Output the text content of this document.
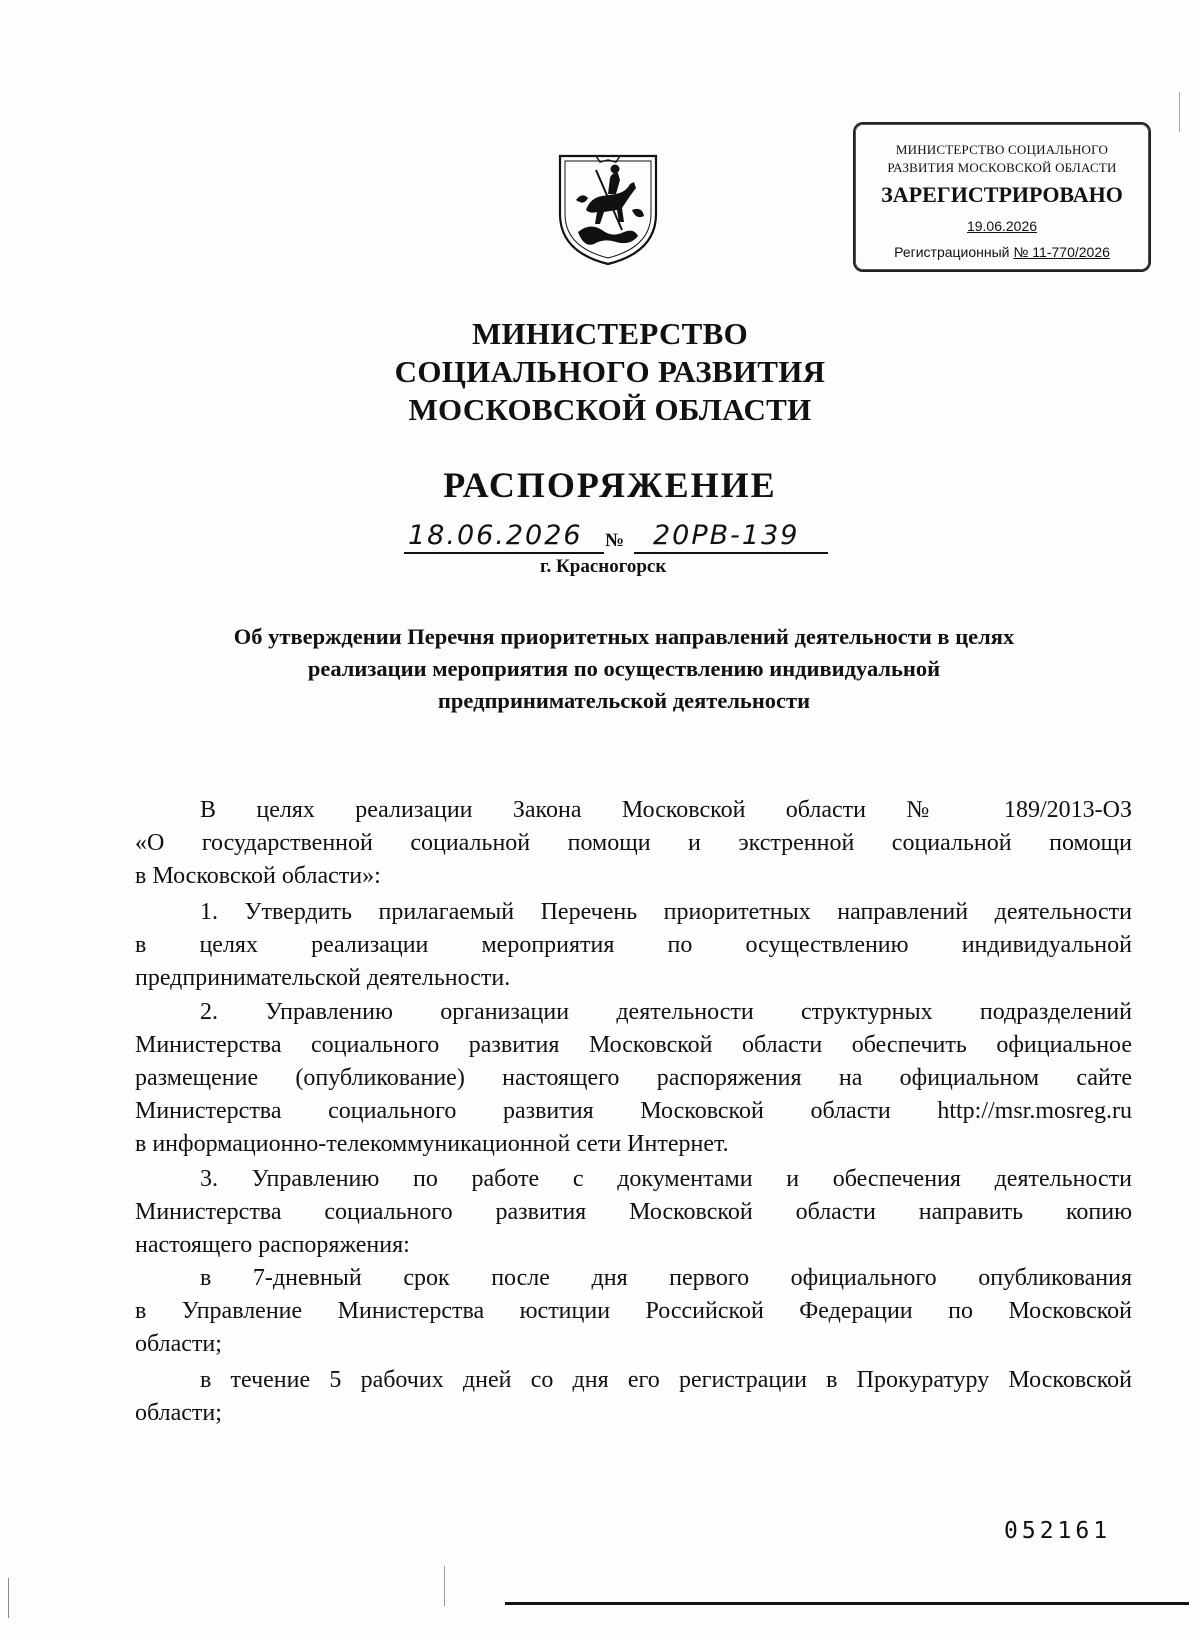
МИНИСТЕРСТВО СОЦИАЛЬНОГО
РАЗВИТИЯ МОСКОВСКОЙ ОБЛАСТИ
ЗАРЕГИСТРИРОВАНО
19.06.2026
Регистрационный № 11-770/2026
МИНИСТЕРСТВО
СОЦИАЛЬНОГО РАЗВИТИЯ
МОСКОВСКОЙ ОБЛАСТИ
РАСПОРЯЖЕНИЕ
18.06.2026 № 20РВ-139
г. Красногорск
Об утверждении Перечня приоритетных направлений деятельности в целях
реализации мероприятия по осуществлению индивидуальной
предпринимательской деятельности
В целях реализации Закона Московской области № 189/2013-ОЗ
«О государственной социальной помощи и экстренной социальной помощи
в Московской области»:
1. Утвердить прилагаемый Перечень приоритетных направлений деятельности
в целях реализации мероприятия по осуществлению индивидуальной
предпринимательской деятельности.
2. Управлению организации деятельности структурных подразделений
Министерства социального развития Московской области обеспечить официальное
размещение (опубликование) настоящего распоряжения на официальном сайте
Министерства социального развития Московской области http://msr.mosreg.ru
в информационно-телекоммуникационной сети Интернет.
3. Управлению по работе с документами и обеспечения деятельности
Министерства социального развития Московской области направить копию
настоящего распоряжения:
в 7-дневный срок после дня первого официального опубликования
в Управление Министерства юстиции Российской Федерации по Московской
области;
в течение 5 рабочих дней со дня его регистрации в Прокуратуру Московской
области;
052161
